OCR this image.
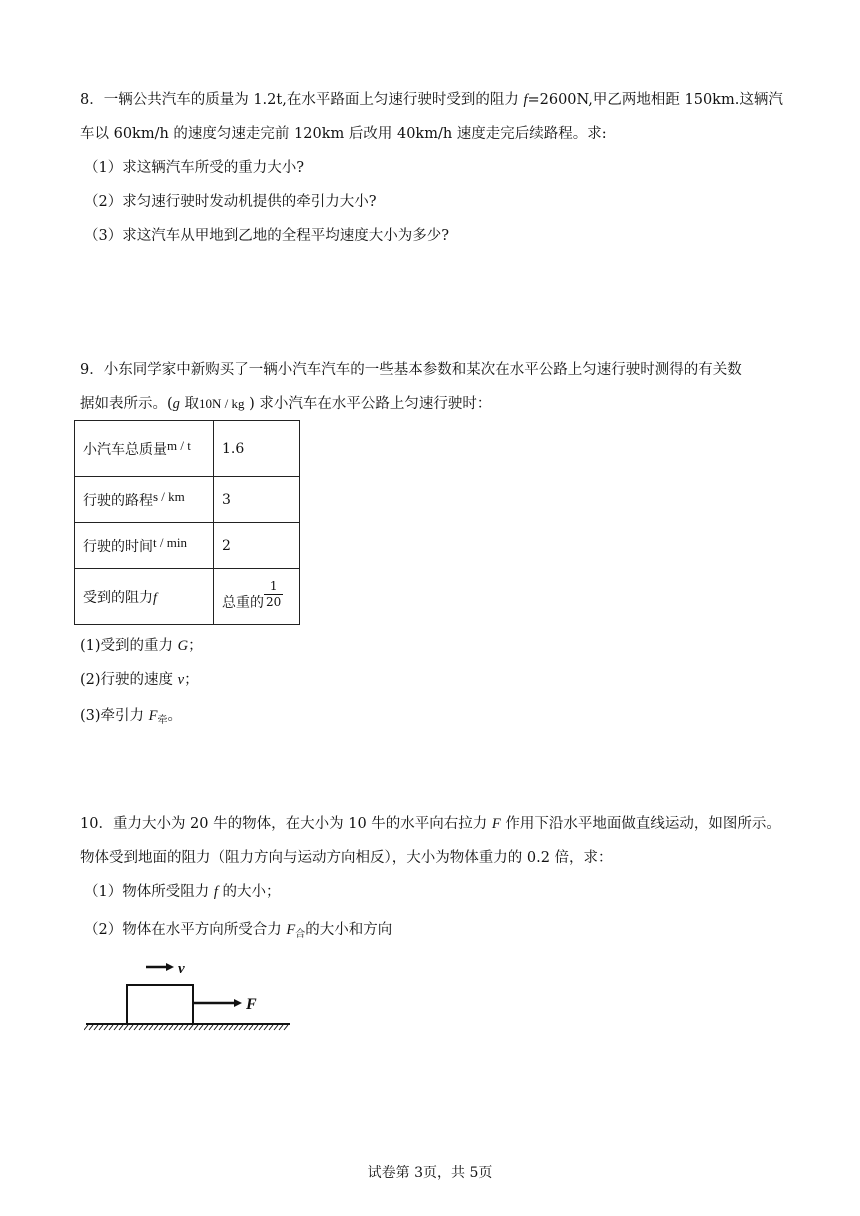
8．一辆公共汽车的质量为 1.2t,在水平路面上匀速行驶时受到的阻力 f=2600N,甲乙两地相距 150km.这辆汽
车以 60km/h 的速度匀速走完前 120km 后改用 40km/h 速度走完后续路程。求:
（1）求这辆汽车所受的重力大小?
（2）求匀速行驶时发动机提供的牵引力大小?
（3）求这汽车从甲地到乙地的全程平均速度大小为多少?
9．小东同学家中新购买了一辆小汽车汽车的一些基本参数和某次在水平公路上匀速行驶时测得的有关数
据如表所示。(g 取10N / kg ) 求小汽车在水平公路上匀速行驶时：
小汽车总质量m / t	1.6
行驶的路程s / km	3
行驶的时间t / min	2
受到的阻力f	总重的 $\frac{1}{20}$
(1)受到的重力 G；
(2)行驶的速度 v；
(3)牵引力 $F_牵$。
10．重力大小为 20 牛的物体，在大小为 10 牛的水平向右拉力 F 作用下沿水平地面做直线运动，如图所示。
物体受到地面的阻力（阻力方向与运动方向相反），大小为物体重力的 0.2 倍，求：
（1）物体所受阻力 f 的大小；
（2）物体在水平方向所受合力 $F_合$的大小和方向
v
F
试卷第 3页，共 5页
